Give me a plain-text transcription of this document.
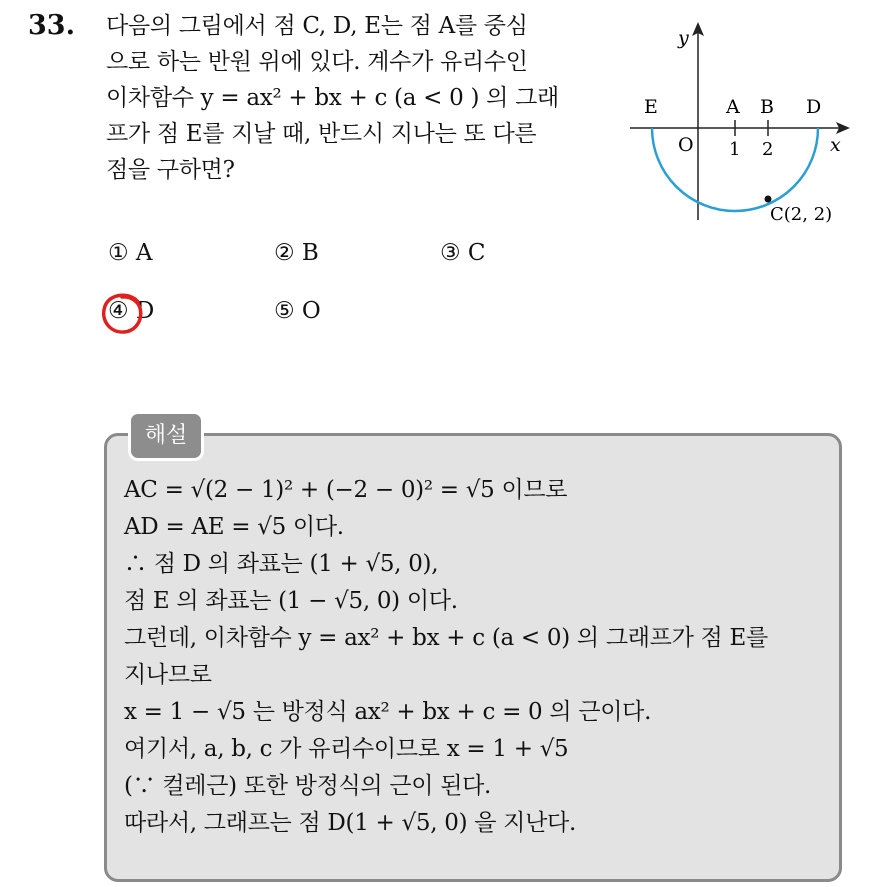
33. 다음의 그림에서 점 C, D, E는 점 A를 중심
으로 하는 반원 위에 있다. 계수가 유리수인
이차함수 y = ax² + bx + c (a < 0 ) 의 그래
프가 점 E를 지날 때, 반드시 지나는 또 다른
점을 구하면?
y
x
O
E	A B D
1 2
C(2, 2)
① A	② B	③ C
④ D	⑤ O
해설
AC = √(2 − 1)² + (−2 − 0)² = √5 이므로
AD = AE = √5 이다.
∴ 점 D 의 좌표는 (1 + √5, 0),
점 E 의 좌표는 (1 − √5, 0) 이다.
그런데, 이차함수 y = ax² + bx + c (a < 0) 의 그래프가 점 E를
지나므로
x = 1 − √5 는 방정식 ax² + bx + c = 0 의 근이다.
여기서, a, b, c 가 유리수이므로 x = 1 + √5
(∵ 컬레근) 또한 방정식의 근이 된다.
따라서, 그래프는 점 D(1 + √5, 0) 을 지난다.
